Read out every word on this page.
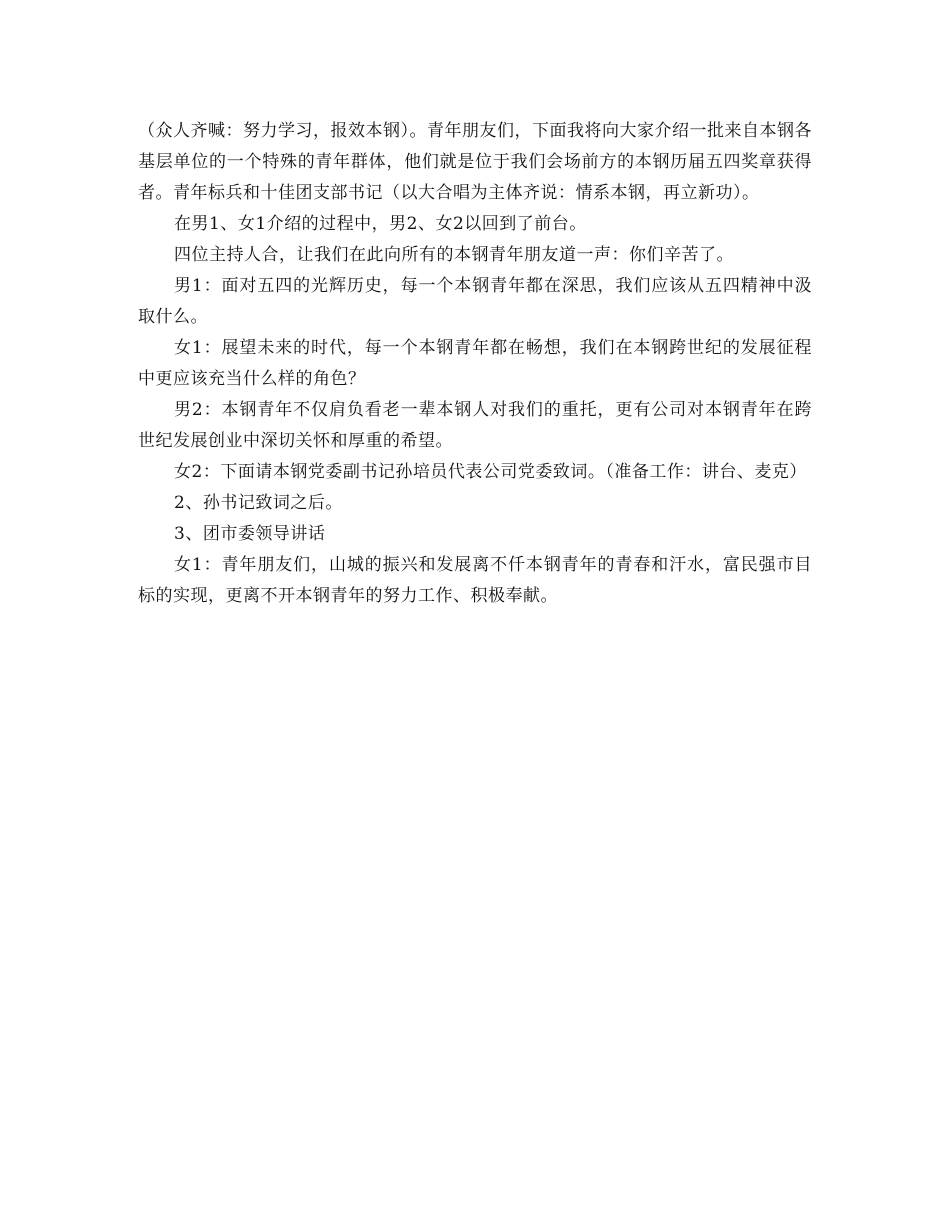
（众人齐喊：努力学习，报效本钢）。青年朋友们，下面我将向大家介绍一批来自本钢各基层单位的一个特殊的青年群体，他们就是位于我们会场前方的本钢历届五四奖章获得者。青年标兵和十佳团支部书记（以大合唱为主体齐说：情系本钢，再立新功）。

在男1、女1介绍的过程中，男2、女2以回到了前台。

四位主持人合，让我们在此向所有的本钢青年朋友道一声：你们辛苦了。

男1：面对五四的光辉历史，每一个本钢青年都在深思，我们应该从五四精神中汲取什么。

女1：展望未来的时代，每一个本钢青年都在畅想，我们在本钢跨世纪的发展征程中更应该充当什么样的角色？

男2：本钢青年不仅肩负看老一辈本钢人对我们的重托，更有公司对本钢青年在跨世纪发展创业中深切关怀和厚重的希望。

女2：下面请本钢党委副书记孙培员代表公司党委致词。（准备工作：讲台、麦克）

2、孙书记致词之后。

3、团市委领导讲话

女1：青年朋友们，山城的振兴和发展离不仟本钢青年的青春和汗水，富民强市目标的实现，更离不开本钢青年的努力工作、积极奉献。
